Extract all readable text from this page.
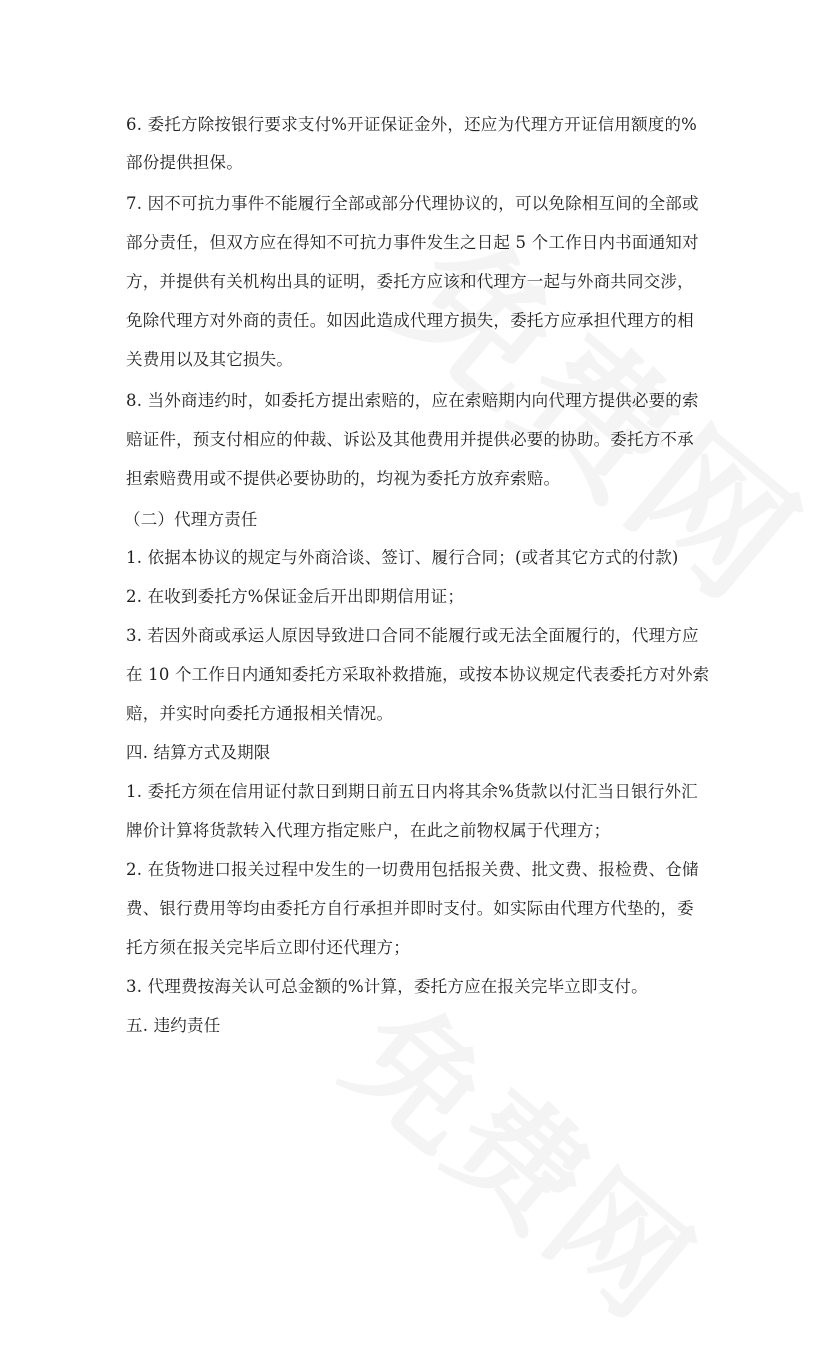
6. 委托方除按银行要求支付%开证保证金外，还应为代理方开证信用额度的%
部份提供担保。
7. 因不可抗力事件不能履行全部或部分代理协议的，可以免除相互间的全部或
部分责任，但双方应在得知不可抗力事件发生之日起 5 个工作日内书面通知对
方，并提供有关机构出具的证明，委托方应该和代理方一起与外商共同交涉，
免除代理方对外商的责任。如因此造成代理方损失，委托方应承担代理方的相
关费用以及其它损失。
8. 当外商违约时，如委托方提出索赔的，应在索赔期内向代理方提供必要的索
赔证件，预支付相应的仲裁、诉讼及其他费用并提供必要的协助。委托方不承
担索赔费用或不提供必要协助的，均视为委托方放弃索赔。
（二）代理方责任
1. 依据本协议的规定与外商洽谈、签订、履行合同；(或者其它方式的付款)
2. 在收到委托方%保证金后开出即期信用证；
3. 若因外商或承运人原因导致进口合同不能履行或无法全面履行的，代理方应
在 10 个工作日内通知委托方采取补救措施，或按本协议规定代表委托方对外索
赔，并实时向委托方通报相关情况。
四. 结算方式及期限
1. 委托方须在信用证付款日到期日前五日内将其余%货款以付汇当日银行外汇
牌价计算将货款转入代理方指定账户，在此之前物权属于代理方；
2. 在货物进口报关过程中发生的一切费用包括报关费、批文费、报检费、仓储
费、银行费用等均由委托方自行承担并即时支付。如实际由代理方代垫的，委
托方须在报关完毕后立即付还代理方；
3. 代理费按海关认可总金额的%计算，委托方应在报关完毕立即支付。
五. 违约责任
